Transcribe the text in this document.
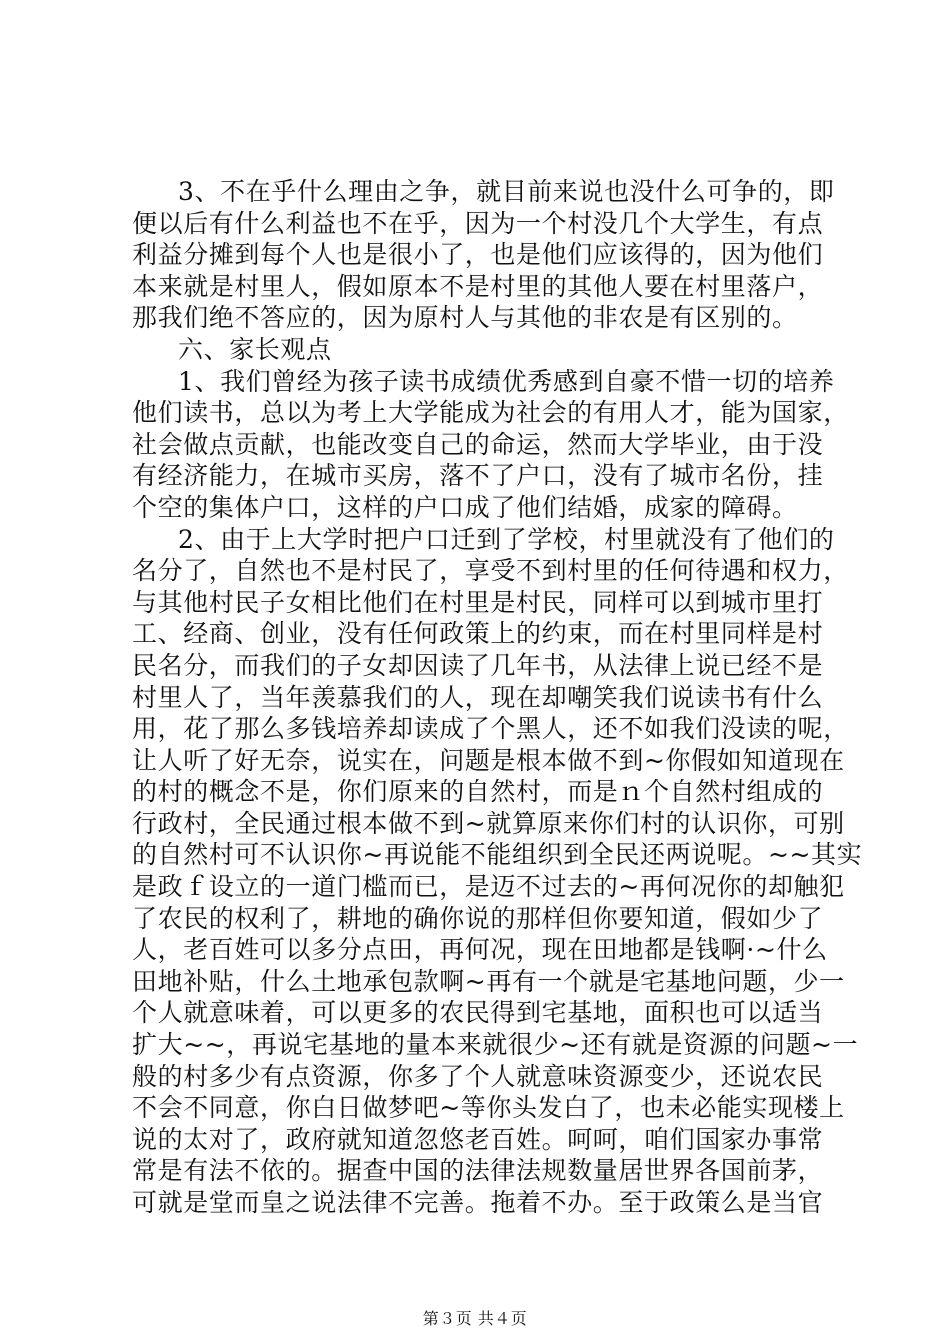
3、不在乎什么理由之争，就目前来说也没什么可争的，即
便以后有什么利益也不在乎，因为一个村没几个大学生，有点
利益分摊到每个人也是很小了，也是他们应该得的，因为他们
本来就是村里人，假如原本不是村里的其他人要在村里落户，
那我们绝不答应的，因为原村人与其他的非农是有区别的。
六、家长观点
1、我们曾经为孩子读书成绩优秀感到自豪不惜一切的培养
他们读书，总以为考上大学能成为社会的有用人才，能为国家，
社会做点贡献，也能改变自己的命运，然而大学毕业，由于没
有经济能力，在城市买房，落不了户口，没有了城市名份，挂
个空的集体户口，这样的户口成了他们结婚，成家的障碍。
2、由于上大学时把户口迁到了学校，村里就没有了他们的
名分了，自然也不是村民了，享受不到村里的任何待遇和权力，
与其他村民子女相比他们在村里是村民，同样可以到城市里打
工、经商、创业，没有任何政策上的约束，而在村里同样是村
民名分，而我们的子女却因读了几年书，从法律上说已经不是
村里人了，当年羡慕我们的人，现在却嘲笑我们说读书有什么
用，花了那么多钱培养却读成了个黑人，还不如我们没读的呢，
让人听了好无奈，说实在，问题是根本做不到~你假如知道现在
的村的概念不是，你们原来的自然村，而是ｎ个自然村组成的
行政村，全民通过根本做不到~就算原来你们村的认识你，可别
的自然村可不认识你~再说能不能组织到全民还两说呢。~~其实
是政ｆ设立的一道门槛而已，是迈不过去的~再何况你的却触犯
了农民的权利了，耕地的确你说的那样但你要知道，假如少了
人，老百姓可以多分点田，再何况，现在田地都是钱啊·~什么
田地补贴，什么土地承包款啊~再有一个就是宅基地问题，少一
个人就意味着，可以更多的农民得到宅基地，面积也可以适当
扩大~~，再说宅基地的量本来就很少~还有就是资源的问题~一
般的村多少有点资源，你多了个人就意味资源变少，还说农民
不会不同意，你白日做梦吧~等你头发白了，也未必能实现楼上
说的太对了，政府就知道忽悠老百姓。呵呵，咱们国家办事常
常是有法不依的。据查中国的法律法规数量居世界各国前茅，
可就是堂而皇之说法律不完善。拖着不办。至于政策么是当官
第３页 共４页
